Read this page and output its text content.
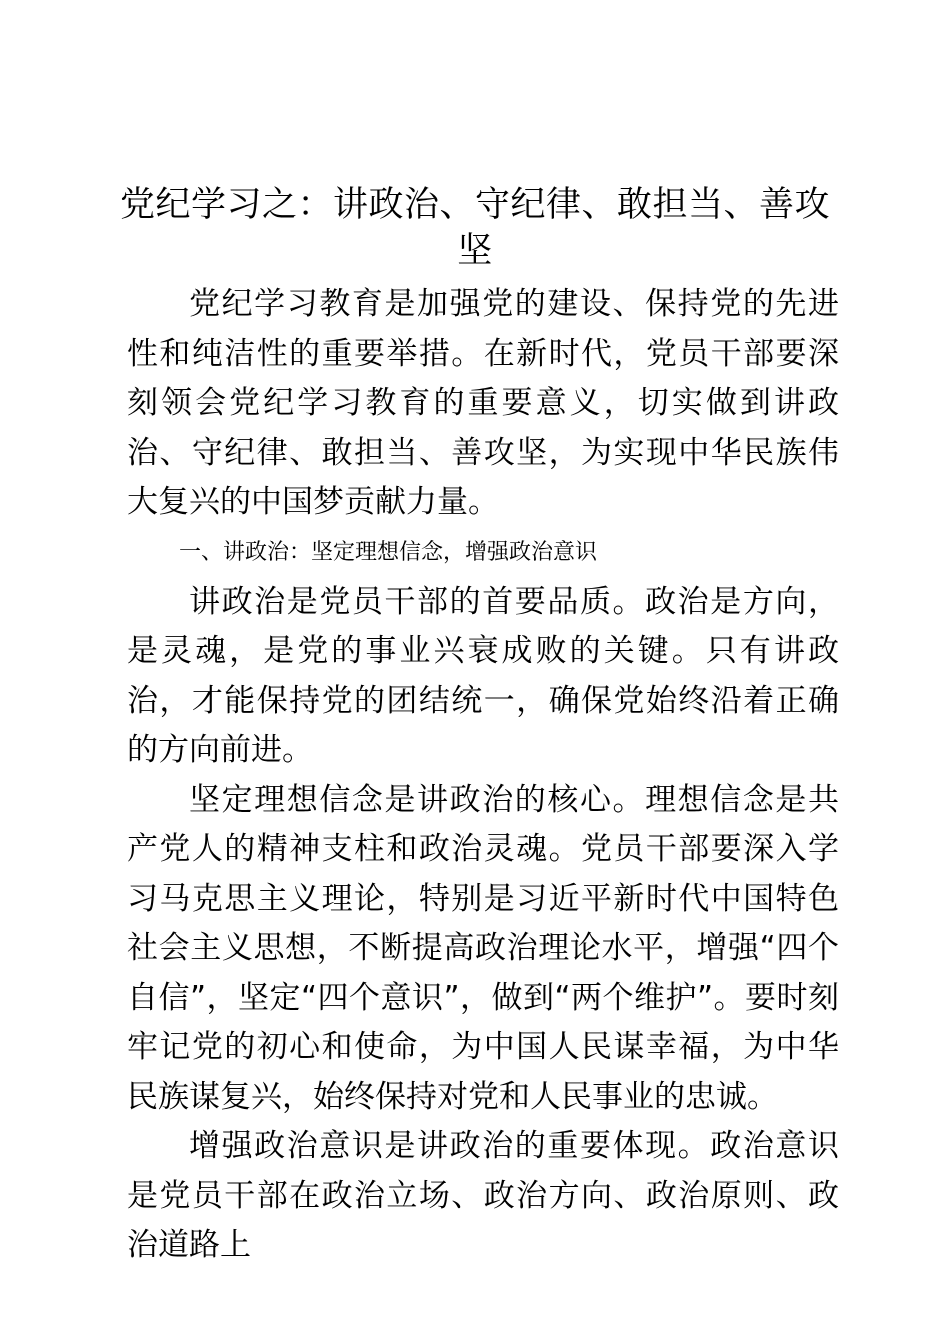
党纪学习之：讲政治、守纪律、敢担当、善攻坚

党纪学习教育是加强党的建设、保持党的先进性和纯洁性的重要举措。在新时代，党员干部要深刻领会党纪学习教育的重要意义，切实做到讲政治、守纪律、敢担当、善攻坚，为实现中华民族伟大复兴的中国梦贡献力量。

一、讲政治：坚定理想信念，增强政治意识

讲政治是党员干部的首要品质。政治是方向，是灵魂，是党的事业兴衰成败的关键。只有讲政治，才能保持党的团结统一，确保党始终沿着正确的方向前进。

坚定理想信念是讲政治的核心。理想信念是共产党人的精神支柱和政治灵魂。党员干部要深入学习马克思主义理论，特别是习近平新时代中国特色社会主义思想，不断提高政治理论水平，增强“四个自信”，坚定“四个意识”，做到“两个维护”。要时刻牢记党的初心和使命，为中国人民谋幸福，为中华民族谋复兴，始终保持对党和人民事业的忠诚。

增强政治意识是讲政治的重要体现。政治意识是党员干部在政治立场、政治方向、政治原则、政治道路上
